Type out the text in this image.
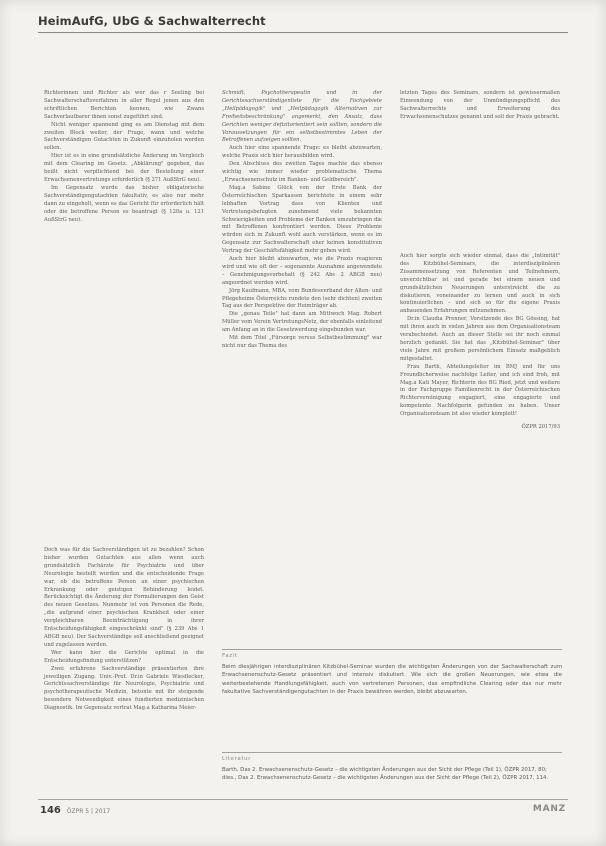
HeimAufG, UbG & Sachwalterrecht

Richterinnen und Richter als wer das r Seeling bei Sachwalterschaftsverfahren in aller Regel jenen aus den schriftlichen Berichten kennen, wie Zwans Sachverlautbarer ihnen sonst zugeführt sind.

Nicht weniger spannend ging es am Dienstag mit dem zweiten Block weiter, der Frage, wann und welche Sachverständigen Gutachten in Zukunft einzuholen werden sollen.

Hier ist es in eine grundsätzliche Änderung im Vergleich mit dem Clearing im Gesetz. „Abklärung" gegeben, das heißt nicht verpflichtend bei der Bestellung einer Erwachsenenvertretungs erforderlich (§ 271 AußStrG neu).

Im Gegensatz wurde das bisher obligatorische Sachverständigengutachten fakultativ, es also nur mehr dann zu eingeholt, wenn es das Gericht für erforderlich hält oder die betroffene Person es beantragt (§ 120a u. 121 AußStrG neu).

Doch was für die Sachverständigen ist zu bezahlen? Schon bisher wurden Gutachten aus allen wenn auch grundsätzlich Fachärzte für Psychiatrie und über Neurologie bestellt wurden und die entscheidende Frage war, ob die betroffene Person an einer psychischen Erkrankung oder geistigen Behinderung leidet. Berücksichtigt die Änderung der Formulierungen den Geist des neuen Gesetzes. Nunmehr ist von Personen die Rede, „die aufgrund einer psychischen Krankheit oder einer vergleichbaren Beeinträchtigung in ihrer Entscheidungsfähigkeit eingeschränkt sind" (§ 239 Abs 1 ABGB neu). Der Sachverständige soll anschließend geeignet und zugelassen werden.

Wer kann hier die Gerichte optimal in die Entscheidungsfindung unterstützen?

Zwei erfahrene Sachverständige präsentierten ihre jeweiligen Zugang. Univ.-Prof. Dr.in Gabriele Wiesflecker, Gerichtssachverständige für Neurologie, Psychiatrie und psychotherapeutische Medizin, betonte mit ihr steigende besondere Notwendigkeit eines fundierten medizinischen Diagnostik. Im Gegensatz vertrat Mag.a Katharina Meier-

Schmidt, Psychotherapeutin und in der Gerichtssachverständigenliste für die Fachgebiete „Heilpädagogik" und „Heilpädagogik Alternativen zur Freiheitsbeschränkung" angemerkt, den Ansatz, dass Gerichten weniger defizitorientiert sein sollten, sondern die Voraussetzungen für ein selbstbestimmtes Leben der Betroffenen aufzeigen sollten.

Auch hier eine spannende Frage: es bleibt abzuwarten, welche Praxis sich hier herausbilden wird.

Den Abschluss des zweiten Tages machte das ebenso wichtig wie immer wieder problematische Thema „Erwachsenenschutz im Banken- und Geldbereich".

Mag.a Sabine Glück von der Erste Bank der Österreichischen Sparkassen berichtete in einem sehr lebhaften Vortrag dass von Klienten und Vertretungsbefugten zunehmend viele bekannten Schwierigkeiten und Probleme der Banken umzubringen die mit Betroffenen konfrontiert werden. Diese Probleme würden sich in Zukunft wohl auch verstärken, wenn es im Gegensatz zur Sachwalterschaft eher keinen konstitutiven Vertrag der Geschäftsfähigkeit mehr geben wird.

Auch hier bleibt abzuwarten, wie die Praxis reagieren wird und wie oft der – sogenannte Ausnahme angewendete – Genehmigungsvorbehalt (§ 242 Abs 2 ABGB neu) angeordnet werden wird.

Jörg Kaufmann, MBA, vom Bundesverband der Alten- und Pflegeheime Österreichs rundete den (sehr dichten) zweiten Tag aus der Perspektive der Heimträger ab.

Die „genau Teile" hat dann am Mittwoch Mag. Robert Müller vom Verein VertretungsNetz, der ebenfalls einleitend am Anfang an in die Gesetzwerdung eingebunden war.

Mit dem Titel „Fürsorge versus Selbstbestimmung" war nicht nur das Thema des

letzten Tages des Seminars, sondern ist gewissermaßen Einwendung von der Unmündigungspflicht des Sachwalterrechts und Erweiterung des Erwachsenenschutzes genannt und soll der Praxis gebracht.

Auch hier sorgte sich wieder einmal, dass die „Intimität" des Kitzbühel-Seminars, die interdisziplinären Zusammensetzung von Referenten und Teilnehmern, unverzichtbar ist und gerade bei einem neuen und grundsätzlichen Neuerungen unterstreicht die zu diskutieren, voneinander zu lernen und auch in sich kontinuierlichen – und sich so für die eigene Praxis anbauenden Erfahrungen mitzunehmen.

Dr.in Claudia Prenner, Vorsitzende des BG Gössing, hat mit ihren auch in vielen Jahren aus dem Organisationsteam verabschiedet. Auch an dieser Stelle sei ihr noch einmal herzlich gedankt. Sie hat das „Kitzbühel-Seminar" über viele Jahre mit großem persönlichem Einsatz maßgeblich mitgestaltet.

Frau Barth, Abteilungsleiter im BMJ und für uns Freundlicherweise nachfolge Leiter, und ich sind froh, mit Mag.a Kati Mayer, Richterin des BG Ried, jetzt und weitere in der Fachgruppe Familienrecht in der Österreichischen Richtervereinigung engagiert, eine engagierte und kompetente Nachfolgerin gefunden zu haben. Unser Organisationsteam ist also wieder komplett!

ÖZPR 2017/93

Fazit
Beim diesjährigen interdisziplinären Kitzbühel-Seminar wurden die wichtigsten Änderungen von der Sachwalterschaft zum Erwachsenenschutz-Gesetz präsentiert und intensiv diskutiert. Wie sich die großen Neuerungen, wie etwa die weiterbestehende Handlungsfähigkeit, auch von vertretenen Personen, das empfindliche Clearing oder das nur mehr fakultative Sachverständigengutachten in der Praxis bewähren werden, bleibt abzuwarten.
Literatur
Barth, Das 2. Erwachsenenschutz-Gesetz – die wichtigsten Änderungen aus der Sicht der Pflege (Teil 1), ÖZPR 2017, 80; dies., Das 2. Erwachsenenschutz-Gesetz – die wichtigsten Änderungen aus der Sicht der Pflege (Teil 2), ÖZPR 2017, 114.
146 ÖZPR 5 | 2017	MANZ
